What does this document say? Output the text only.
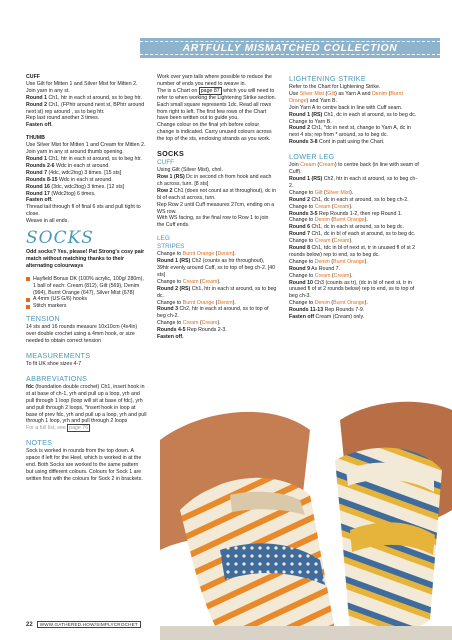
ARTFULLY MISMATCHED COLLECTION
CUFF
Use Gilt for Mitten 1 and Silver Mist for Mitten 2.
Join yarn in any st.
Round 1 Ch1, htr in each st around, ss to beg htr.
Round 2 Ch1, (FPhtr around next st, BPhtr around next st) rep around , ss to beg htr.
Rep last round another 3 times.
Fasten off.
THUMB
Use Silver Mist for Mitten 1 and Cream for Mitten 2.
Join yarn in any st around thumb opening.
Round 1 Ch1, htr in each st around, ss to beg htr.
Rounds 2-6 Wdc in each st around.
Round 7 (4dc, wdc2tog) 3 times. [15 sts]
Rounds 8-15 Wdc in each st around.
Round 16 (3dc, wdc2tog) 3 times. [12 sts]
Round 17 (Wdc2tog) 6 times.
Fasten off.
Thread tail through fl of final 6 sts and pull tight to close.
Weave in all ends.
SOCKS
Odd socks? Yes, please! Pat Strong's cosy pair match without matching thanks to their alternating colourways
Hayfield Bonus DK (100% acrylic, 100g/ 280m), 1 ball of each: Cream (812), Gilt (569), Denim (994), Burnt Orange (647), Silver Mist (678)
A 4mm (US G/6) hooks
Stitch markers
TENSION
14 sts and 16 rounds measure 10x10cm (4x4in) over double crochet using a 4mm hook, or size needed to obtain correct tension
MEASUREMENTS
To fit UK shoe sizes 4-7
ABBREVIATIONS
fdc (foundation double crochet) Ch1, insert hook in st at base of ch-1, yrh and pull up a loop, yrh and pull through 1 loop (loop will sit at base of fdc), yrh and pull through 2 loops, *insert hook in loop at base of prev fdc, yrh and pull up a loop, yrh and pull through 1 loop, yrh and pull through 2 loops
For a full list, see page 76
NOTES
Sock is worked in rounds from the top down. A space if left for the Heel, which is worked in at the end. Both Socks are worked to the same pattern but using different colours. Colours for Sock 1 are written first with the colours for Sock 2 in brackets.
Work over yarn tails where possible to reduce the number of ends you need to weave in.
The is a Chart on page 87 which you will need to refer to when working the Lightening Strike section. Each small square represents 1dc. Read all rows from right to left. The first few rows of the Chart have been written out to guide you.
Change colour on the final yrh before colour change is indicated. Carry unused colours across the top of the sts, enclosing strands as you work.
SOCKS
CUFF
Using Gilt (Silver Mist), chnl.
Row 1 (RS) Dc in second ch from hook and each ch across, turn. [8 sts]
Row 2 Ch1 (does not count as st throughout), dc in bl of each st across, turn.
Rep Row 2 until Cuff measures 27cm, ending on a WS row.
With WS facing, ss the final row to Row 1 to join the Cuff ends.
LEG
STRIPES
Change to Burnt Orange (Denim).
Round 1 (RS) Ch2 (counts as htr throughout), 39htr evenly around Cuff, ss to top of beg ch-2. [40 sts]
Change to Cream (Cream).
Round 2 (RS) Ch1, htr in each st around, ss to beg dc.
Change to Burnt Orange (Denim).
Round 3 Ch2, htr in each st around, ss to top of beg ch-2.
Change to Cream (Cream).
Rounds 4-5 Rep Rounds 2-3.
Fasten off.
LIGHTENING STRIKE
Refer to the Chart for Lightening Strike.
Use Silver Mist (Gilt) as Yarn A and Denim (Burnt Orange) and Yarn B.
Join Yarn A to centre back in line with Cuff seam.
Round 1 (RS) Ch1, dc in each st around, ss to beg dc.
Change to Yarn B.
Round 2 Ch1, *dc in next st, change to Yarn A, dc in next 4 sts; rep from * around, ss to beg dc.
Rounds 3-8 Cont in patt using the Chart.
LOWER LEG
Join Cream (Cream) to centre back (in line with seam of Cuff).
Round 1 (RS) Ch2, htr in each st around, ss to beg ch-2.
Change to Gilt (Silver Mist).
Round 2 Ch1, dc in each st around, ss to beg ch-2.
Change to Cream (Cream).
Rounds 3-5 Rep Rounds 1-2, then rep Round 1.
Change to Denim (Burnt Orange).
Round 6 Ch1, dc in each st around, ss to beg dc.
Round 7 Ch1, dc in bl of each st around, ss to beg dc.
Change to Cream (Cream).
Round 8 Ch1, tdc in bl of next st, tr in unused fl of st 2 rounds below) rep to end, ss to beg dc.
Change to Denim (Burnt Orange).
Round 9 As Round 7.
Change to Cream (Cream).
Round 10 Ch3 (counts as tr), (dc in bl of next st, tr in unused fl of st 2 rounds below) rep to end, ss to top of beg ch-3.
Change to Denim (Burnt Orange).
Rounds 11-13 Rep Rounds 7-9.
Fasten off Cream (Cream) only.
22	WWW.GATHERED.HOW/SIMPLYCROCHET
